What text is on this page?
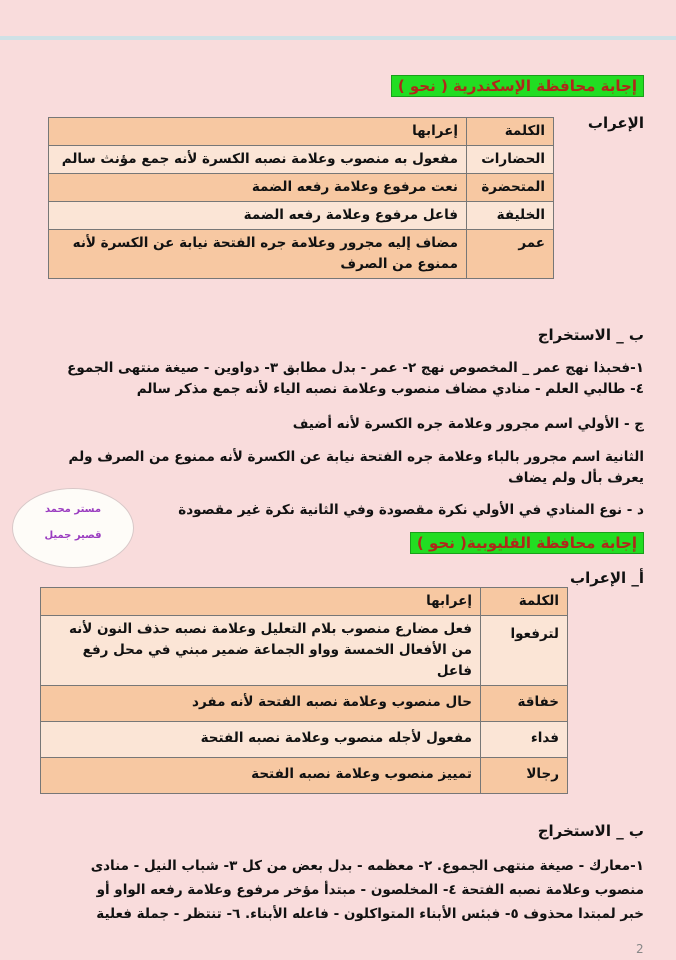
إجابة محافظة الإسكندرية ( نحو )
الإعراب
الكلمة	إعرابها
الحضارات	مفعول به منصوب وعلامة نصبه الكسرة لأنه جمع مؤنث سالم
المتحضرة	نعت مرفوع وعلامة رفعه الضمة
الخليفة	فاعل مرفوع وعلامة رفعه الضمة
عمر	مضاف إليه مجرور وعلامة جره الفتحة نيابة عن الكسرة لأنه ممنوع من الصرف
ب _ الاستخراج
١-فحبذا نهج عمر _ المخصوص نهج ٢- عمر - بدل مطابق ٣- دواوين - صيغة منتهى الجموع
٤- طالبي العلم - منادي مضاف منصوب وعلامة نصبه الياء لأنه جمع مذكر سالم
ج - الأولي اسم مجرور وعلامة جره الكسرة لأنه أضيف
الثانية اسم مجرور بالباء وعلامة جره الفتحة نيابة عن الكسرة لأنه ممنوع من الصرف ولم يعرف بأل ولم يضاف
د - نوع المنادي في الأولي نكرة مقصودة وفي الثانية نكرة غير مقصودة
مستر محمد
قصير جميل	إجابة محافظة القليوبية( نحو )
أ_ الإعراب
الكلمة	إعرابها
لترفعوا	فعل مضارع منصوب بلام التعليل وعلامة نصبه حذف النون لأنه من الأفعال الخمسة وواو الجماعة ضمير مبني في محل رفع فاعل
خفاقة	حال منصوب وعلامة نصبه الفتحة لأنه مفرد
فداء	مفعول لأجله منصوب وعلامة نصبه الفتحة
رجالا	تمييز منصوب وعلامة نصبه الفتحة
ب _ الاستخراج
١-معارك - صيغة منتهى الجموع. ٢- معظمه - بدل بعض من كل ٣- شباب النيل - منادى
منصوب وعلامة نصبه الفتحة ٤- المخلصون - مبتدأ مؤخر مرفوع وعلامة رفعه الواو أو
خبر لمبتدا محذوف ٥- فبئس الأبناء المتواكلون - فاعله الأبناء. ٦- تنتظر - جملة فعلية
2
